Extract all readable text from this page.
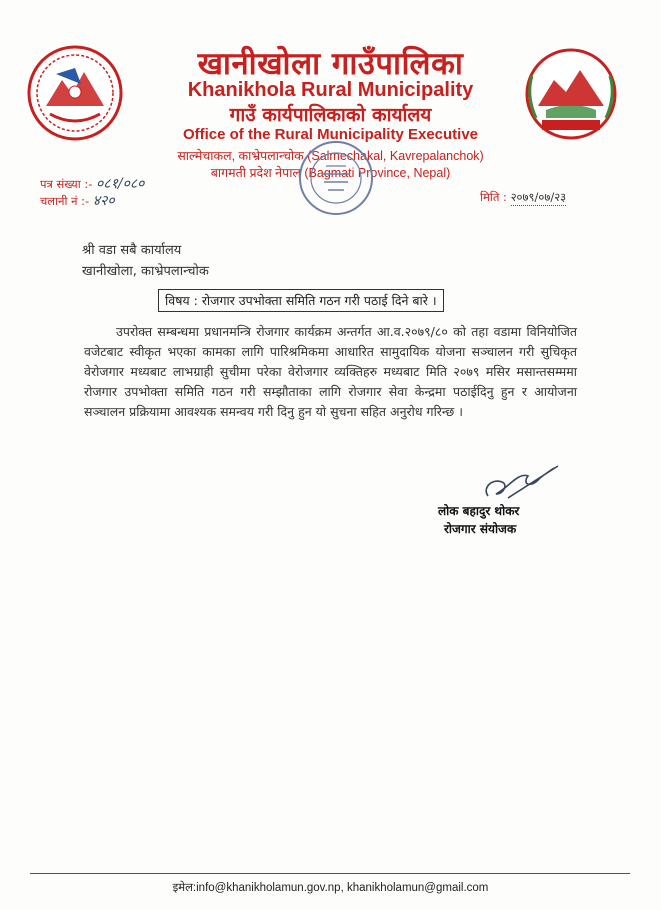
खानीखोला गाउँपालिका
Khanikhola Rural Municipality
गाउँ कार्यपालिकाको कार्यालय
Office of the Rural Municipality Executive
साल्मेचाकल, काभ्रेपलान्चोक (Salmechakal, Kavrepalanchok)
बागमती प्रदेश नेपाल (Bagmati Province, Nepal)
पत्र संख्या :- ०८१/०८०
चलानी नं :- ४२०	मिति : २०७९/०७/२३
श्री वडा सबै कार्यालय
खानीखोला, काभ्रेपलान्चोक
विषय : रोजगार उपभोक्ता समिति गठन गरी पठाई दिने बारे ।
उपरोक्त सम्बन्धमा प्रधानमन्त्रि रोजगार कार्यक्रम अन्तर्गत आ.व.२०७९/८० को तहा वडामा विनियोजित वजेटबाट स्वीकृत भएका कामका लागि पारिश्रमिकमा आधारित सामुदायिक योजना सञ्चालन गरी सुचिकृत वेरोजगार मध्यबाट लाभग्राही सुचीमा परेका वेरोजगार व्यक्तिहरु मध्यबाट मिति २०७९ मसिर मसान्तसम्ममा रोजगार उपभोक्ता समिति गठन गरी सम्झौताका लागि रोजगार सेवा केन्द्रमा पठाईदिनु हुन र आयोजना सञ्चालन प्रक्रियामा आवश्यक समन्वय गरी दिनु हुन यो सुचना सहित अनुरोध गरिन्छ ।
लोक बहादुर थोकर
रोजगार संयोजक
इमेल:info@khanikholamun.gov.np, khanikholamun@gmail.com
